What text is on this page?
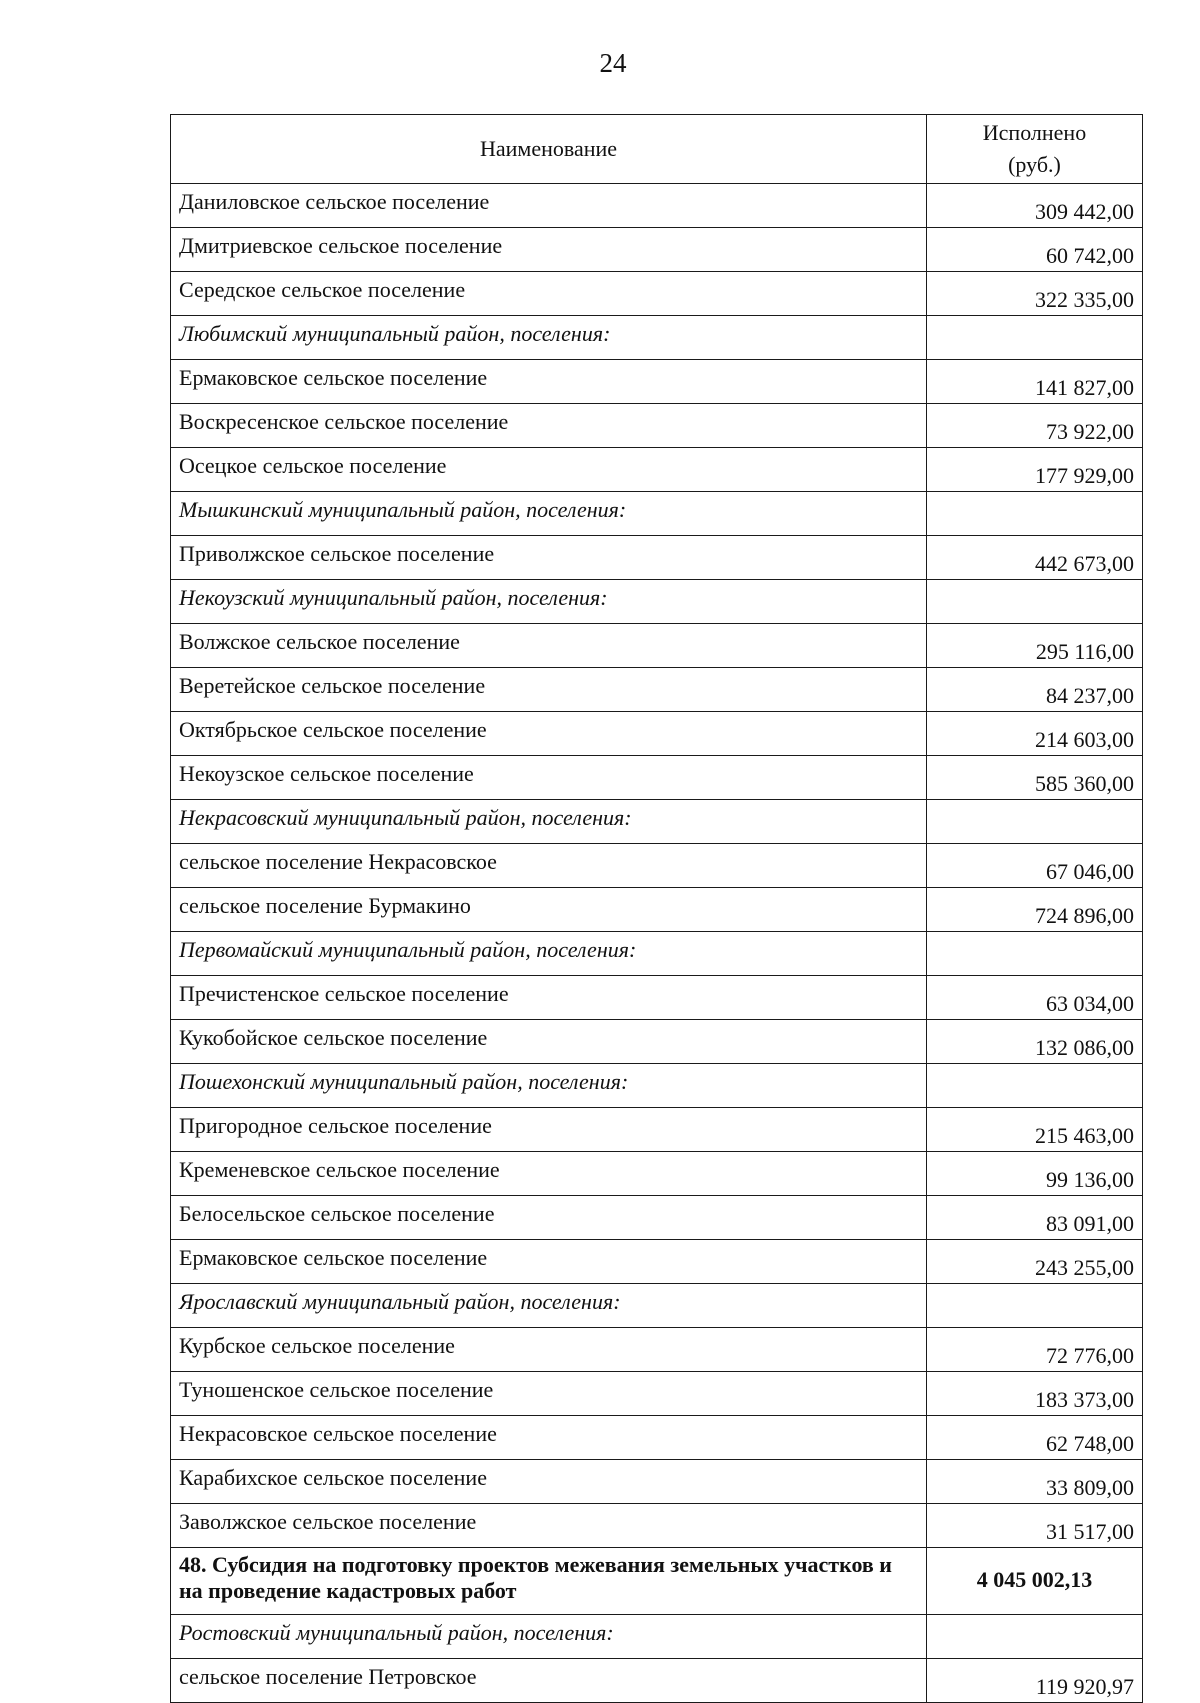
24
Наименование	Исполнено
(руб.)
Даниловское сельское поселение	309 442,00
Дмитриевское сельское поселение	60 742,00
Середское сельское поселение	322 335,00
Любимский муниципальный район, поселения:	
Ермаковское сельское поселение	141 827,00
Воскресенское сельское поселение	73 922,00
Осецкое сельское поселение	177 929,00
Мышкинский муниципальный район, поселения:	
Приволжское сельское поселение	442 673,00
Некоузский муниципальный район, поселения:	
Волжское сельское поселение	295 116,00
Веретейское сельское поселение	84 237,00
Октябрьское сельское поселение	214 603,00
Некоузское сельское поселение	585 360,00
Некрасовский муниципальный район, поселения:	
сельское поселение Некрасовское	67 046,00
сельское поселение Бурмакино	724 896,00
Первомайский муниципальный район, поселения:	
Пречистенское сельское поселение	63 034,00
Кукобойское сельское поселение	132 086,00
Пошехонский муниципальный район, поселения:	
Пригородное сельское поселение	215 463,00
Кременевское сельское поселение	99 136,00
Белосельское сельское поселение	83 091,00
Ермаковское сельское поселение	243 255,00
Ярославский муниципальный район, поселения:	
Курбское сельское поселение	72 776,00
Туношенское сельское поселение	183 373,00
Некрасовское сельское поселение	62 748,00
Карабихское сельское поселение	33 809,00
Заволжское сельское поселение	31 517,00
48. Субсидия на подготовку проектов межевания земельных участков и на проведение кадастровых работ	4 045 002,13
Ростовский муниципальный район, поселения:	
сельское поселение Петровское	119 920,97
